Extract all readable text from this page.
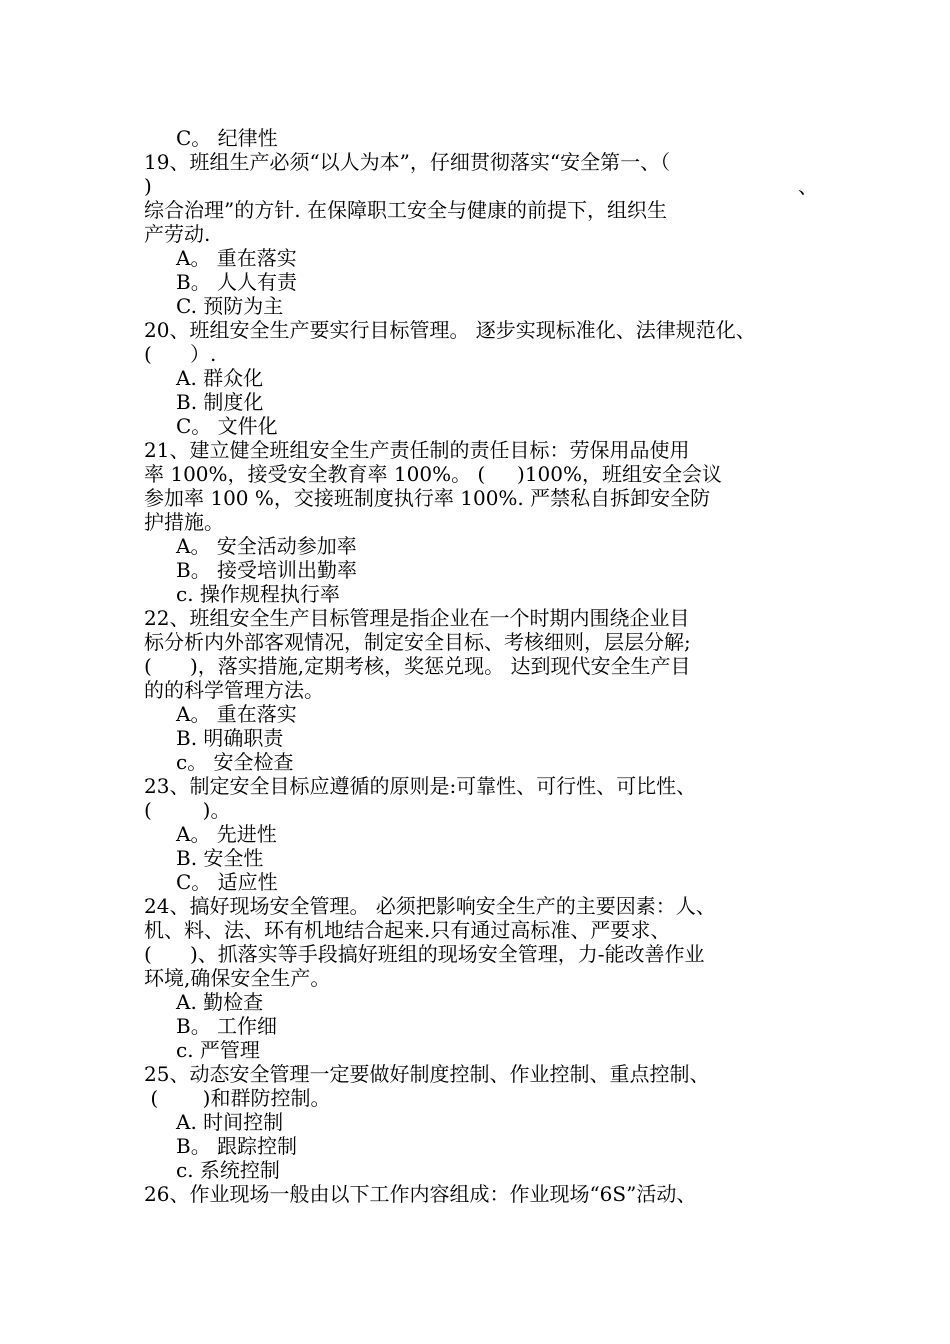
C。 纪律性
19、班组生产必须“以人为本”，仔细贯彻落实“安全第一、（
)	、
综合治理”的方针. 在保障职工安全与健康的前提下，组织生
产劳动.
A。 重在落实
B。 人人有责
C. 预防为主
20、班组安全生产要实行目标管理。 逐步实现标准化、法律规范化、
(      ）.
A. 群众化
B. 制度化
C。 文件化
21、建立健全班组安全生产责任制的责任目标：劳保用品使用
率 100%，接受安全教育率 100%。 (     )100%，班组安全会议
参加率 100 %，交接班制度执行率 100%. 严禁私自拆卸安全防
护措施。
A。 安全活动参加率
B。 接受培训出勤率
c. 操作规程执行率
22、班组安全生产目标管理是指企业在一个时期内围绕企业目
标分析内外部客观情况，制定安全目标、考核细则，层层分解;
(      )，落实措施,定期考核，奖惩兑现。 达到现代安全生产目
的的科学管理方法。
A。 重在落实
B. 明确职责
c。 安全检查
23、制定安全目标应遵循的原则是:可靠性、可行性、可比性、
(        )。
A。 先进性
B. 安全性
C。 适应性
24、搞好现场安全管理。 必须把影响安全生产的主要因素：人、
机、料、法、环有机地结合起来.只有通过高标准、严要求、
(      )、抓落实等手段搞好班组的现场安全管理，力-能改善作业
环境,确保安全生产。
A. 勤检查
B。 工作细
c. 严管理
25、动态安全管理一定要做好制度控制、作业控制、重点控制、
(       )和群防控制。
A. 时间控制
B。 跟踪控制
c. 系统控制
26、作业现场一般由以下工作内容组成：作业现场“6S”活动、
